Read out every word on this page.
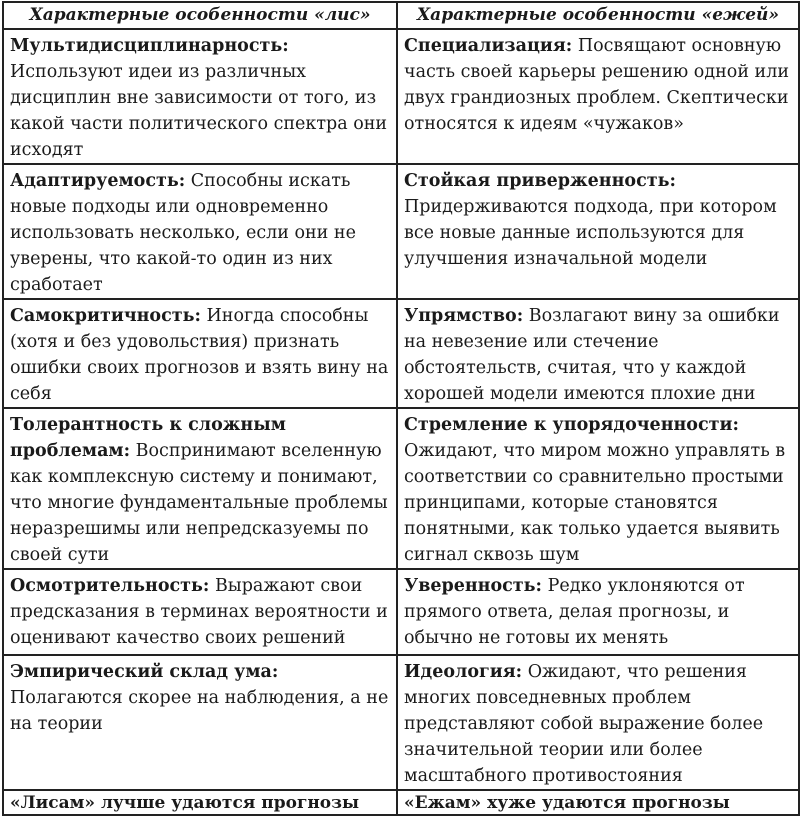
Характерные особенности «лис»	Характерные особенности «ежей»
Мультидисциплинарность: Используют идеи из различных дисциплин вне зависимости от того, из какой части политического спектра они исходят	Специализация: Посвящают основную часть своей карьеры решению одной или двух грандиозных проблем. Скептически относятся к идеям «чужаков»
Адаптируемость: Способны искать новые подходы или одновременно использовать несколько, если они не уверены, что какой-то один из них сработает	Стойкая приверженность: Придерживаются подхода, при котором все новые данные используются для улучшения изначальной модели
Самокритичность: Иногда способны (хотя и без удовольствия) признать ошибки своих прогнозов и взять вину на себя	Упрямство: Возлагают вину за ошибки на невезение или стечение обстоятельств, считая, что у каждой хорошей модели имеются плохие дни
Толерантность к сложным проблемам: Воспринимают вселенную как комплексную систему и понимают, что многие фундаментальные проблемы неразрешимы или непредсказуемы по своей сути	Стремление к упорядоченности: Ожидают, что миром можно управлять в соответствии со сравнительно простыми принципами, которые становятся понятными, как только удается выявить сигнал сквозь шум
Осмотрительность: Выражают свои предсказания в терминах вероятности и оценивают качество своих решений	Уверенность: Редко уклоняются от прямого ответа, делая прогнозы, и обычно не готовы их менять
Эмпирический склад ума: Полагаются скорее на наблюдения, а не на теории	Идеология: Ожидают, что решения многих повседневных проблем представляют собой выражение более значительной теории или более масштабного противостояния
«Лисам» лучше удаются прогнозы	«Ежам» хуже удаются прогнозы
